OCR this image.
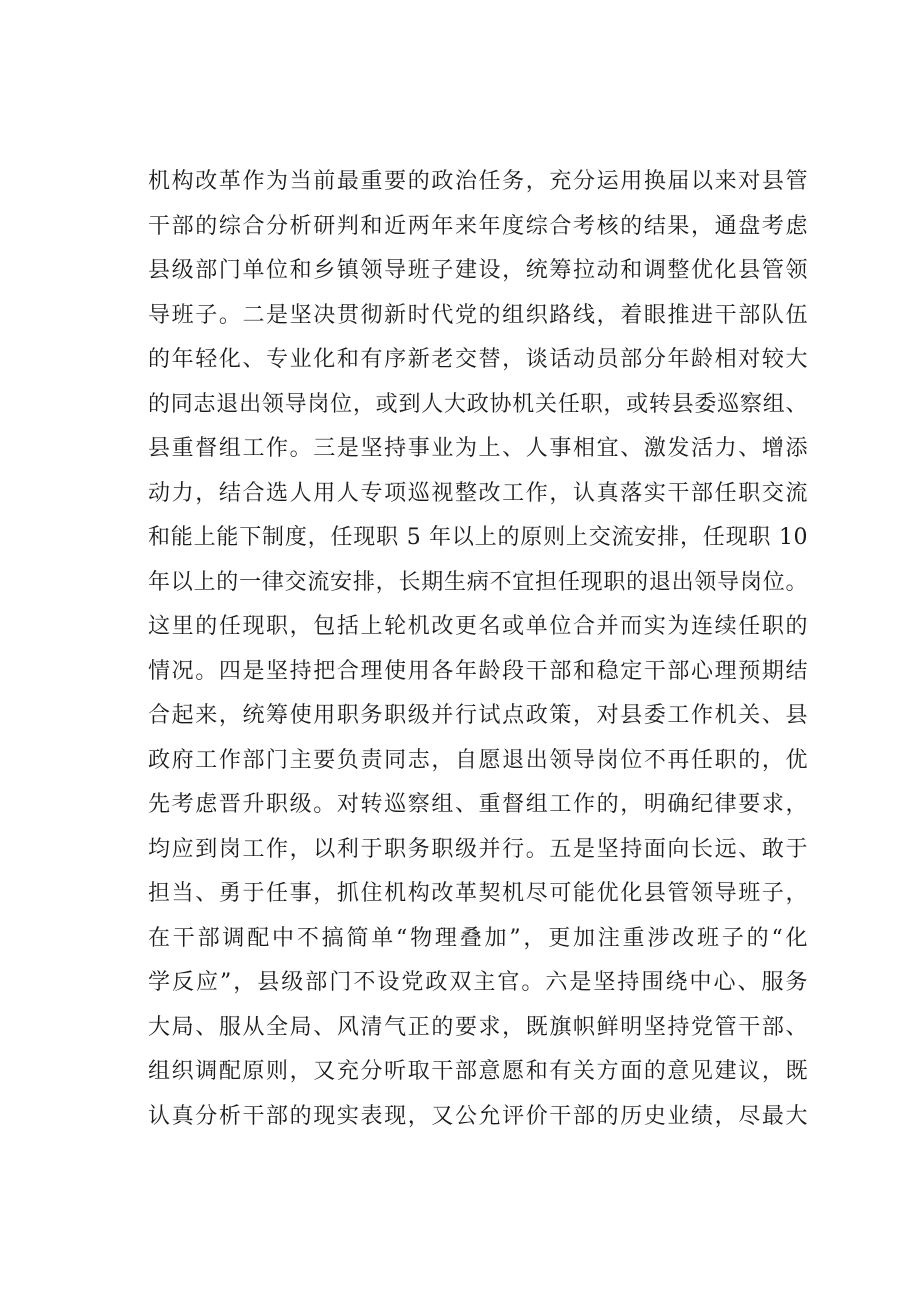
机构改革作为当前最重要的政治任务，充分运用换届以来对县管
干部的综合分析研判和近两年来年度综合考核的结果，通盘考虑
县级部门单位和乡镇领导班子建设，统筹拉动和调整优化县管领
导班子。二是坚决贯彻新时代党的组织路线，着眼推进干部队伍
的年轻化、专业化和有序新老交替，谈话动员部分年龄相对较大
的同志退出领导岗位，或到人大政协机关任职，或转县委巡察组、
县重督组工作。三是坚持事业为上、人事相宜、激发活力、增添
动力，结合选人用人专项巡视整改工作，认真落实干部任职交流
和能上能下制度，任现职 5 年以上的原则上交流安排，任现职 10
年以上的一律交流安排，长期生病不宜担任现职的退出领导岗位。
这里的任现职，包括上轮机改更名或单位合并而实为连续任职的
情况。四是坚持把合理使用各年龄段干部和稳定干部心理预期结
合起来，统筹使用职务职级并行试点政策，对县委工作机关、县
政府工作部门主要负责同志，自愿退出领导岗位不再任职的，优
先考虑晋升职级。对转巡察组、重督组工作的，明确纪律要求，
均应到岗工作，以利于职务职级并行。五是坚持面向长远、敢于
担当、勇于任事，抓住机构改革契机尽可能优化县管领导班子，
在干部调配中不搞简单“物理叠加”，更加注重涉改班子的“化
学反应”，县级部门不设党政双主官。六是坚持围绕中心、服务
大局、服从全局、风清气正的要求，既旗帜鲜明坚持党管干部、
组织调配原则，又充分听取干部意愿和有关方面的意见建议，既
认真分析干部的现实表现，又公允评价干部的历史业绩，尽最大
